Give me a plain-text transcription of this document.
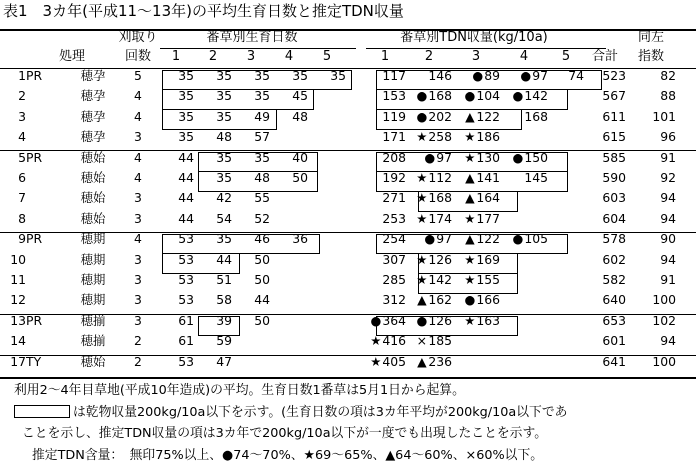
表1　3カ年(平成11～13年)の平均生育日数と推定TDN収量
			刈取り	番草別生育日数						番草別TDN収量(kg/10a)						同左
	処理		回数	1	2	3	4	5		1	2	3	4	5	合計	指数
1	PR	穂孕	5	35	35	35	35	35		117	146	●89	●97	74	523	82
2		穂孕	4	35	35	35	45			153	●168	●104	●142		567	88
3		穂孕	4	35	35	49	48			119	●202	▲ 122	168		611	101
4		穂孕	3	35	48	57				171	★258	★186			615	96
5	PR	穂始	4	44	35	35	40			208	●97	★130	●150		585	91
6		穂始	4	44	35	48	50			192	★112	▲ 141	145		590	92
7		穂始	3	44	42	55				271	★168	▲ 164			603	94
8		穂始	3	44	54	52				253	★174	★177			604	94
9	PR	穂期	4	53	35	46	36			254	●97	▲ 122	●105		578	90
10		穂期	3	53	44	50				307	★126	★169			602	94
11		穂期	3	53	51	50				285	★142	★155			582	91
12		穂期	3	53	58	44				312	▲ 162	●166			640	100
13	PR	穂揃	3	61	39	50				●364	●126	★163			653	102
14		穂揃	2	61	59					★416	×185				601	94
17	TY	穂始	2	53	47					★405	▲ 236				641	100
利用2～4年目草地(平成10年造成)の平均。生育日数1番草は5月1日から起算。
は乾物収量200kg/10a以下を示す。(生育日数の項は3カ年平均が200kg/10a以下であ
ことを示し、推定TDN収量の項は3カ年で200kg/10a以下が一度でも出現したことを示す。
推定TDN含量：　無印75%以上、●74～70%、★69～65%、▲64～60%、×60%以下。
